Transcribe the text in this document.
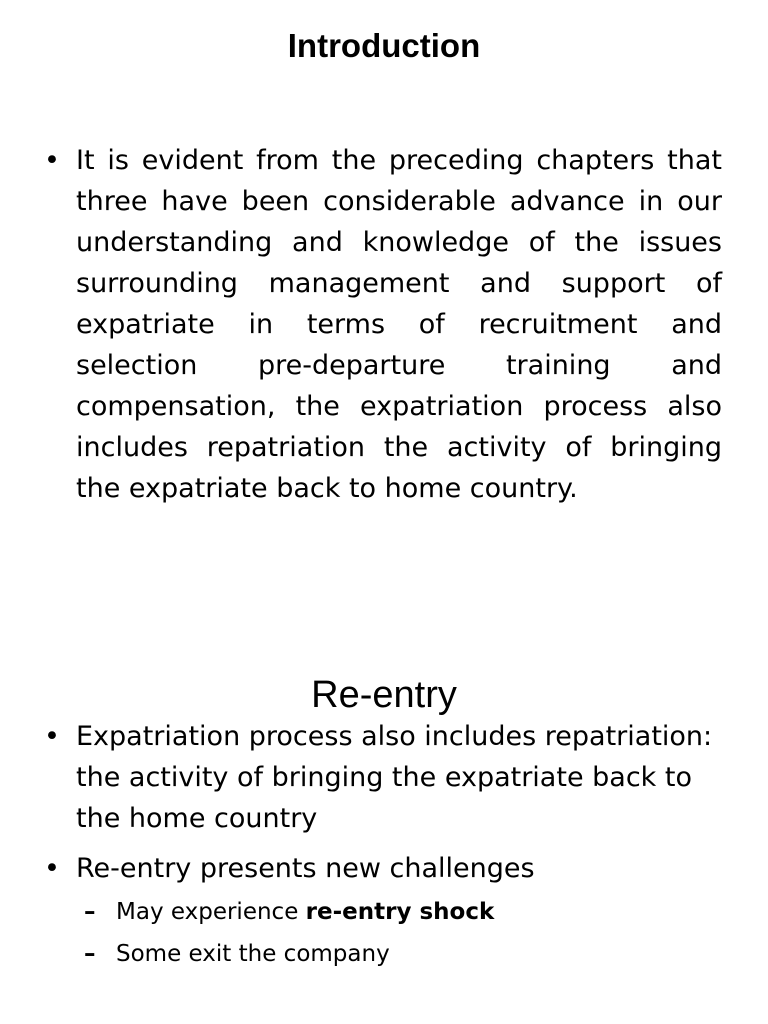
Introduction
• It is evident from the preceding chapters that three have been considerable advance in our understanding and knowledge of the issues surrounding management and support of expatriate in terms of recruitment and selection pre-departure training and compensation, the expatriation process also includes repatriation the activity of bringing the expatriate back to home country.
Re-entry
• Expatriation process also includes repatriation: the activity of bringing the expatriate back to the home country
• Re-entry presents new challenges
– May experience re-entry shock
– Some exit the company
